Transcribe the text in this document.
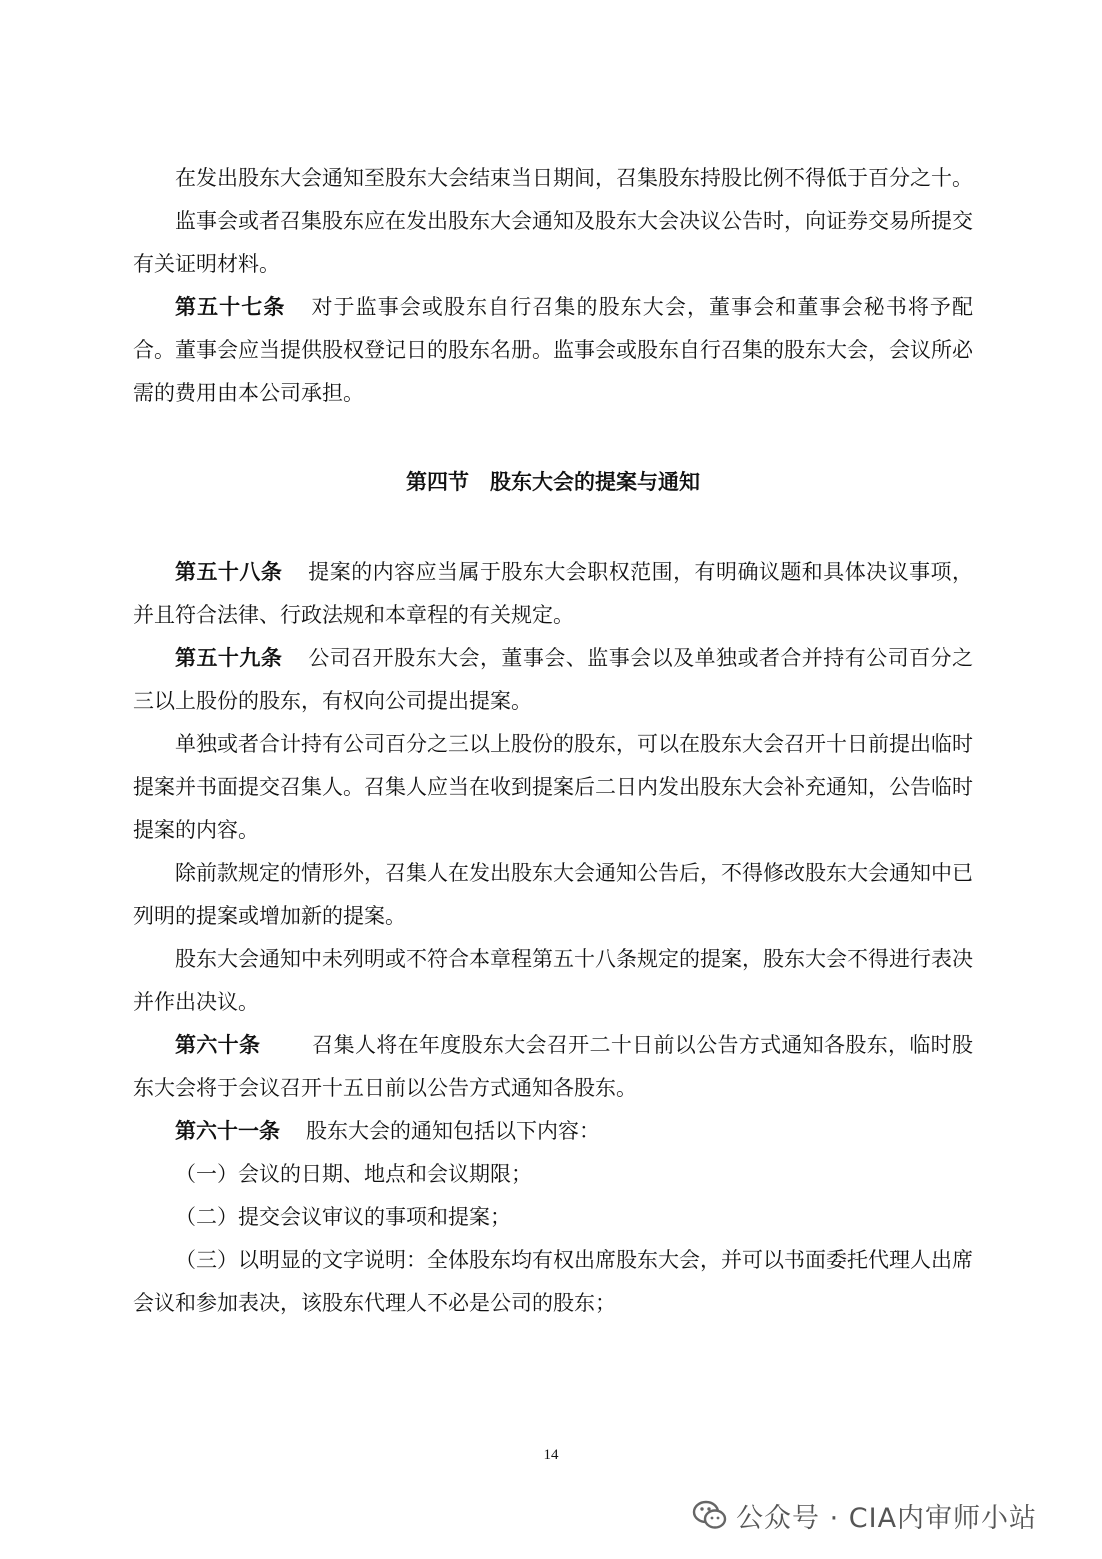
在发出股东大会通知至股东大会结束当日期间，召集股东持股比例不得低于百分之十。

监事会或者召集股东应在发出股东大会通知及股东大会决议公告时，向证券交易所提交有关证明材料。

第五十七条 对于监事会或股东自行召集的股东大会，董事会和董事会秘书将予配合。董事会应当提供股权登记日的股东名册。监事会或股东自行召集的股东大会，会议所必需的费用由本公司承担。

第四节　股东大会的提案与通知

第五十八条 提案的内容应当属于股东大会职权范围，有明确议题和具体决议事项，并且符合法律、行政法规和本章程的有关规定。

第五十九条 公司召开股东大会，董事会、监事会以及单独或者合并持有公司百分之三以上股份的股东，有权向公司提出提案。

单独或者合计持有公司百分之三以上股份的股东，可以在股东大会召开十日前提出临时提案并书面提交召集人。召集人应当在收到提案后二日内发出股东大会补充通知，公告临时提案的内容。

除前款规定的情形外，召集人在发出股东大会通知公告后，不得修改股东大会通知中已列明的提案或增加新的提案。

股东大会通知中未列明或不符合本章程第五十八条规定的提案，股东大会不得进行表决并作出决议。

第六十条 召集人将在年度股东大会召开二十日前以公告方式通知各股东，临时股东大会将于会议召开十五日前以公告方式通知各股东。

第六十一条 股东大会的通知包括以下内容：

（一）会议的日期、地点和会议期限；

（二）提交会议审议的事项和提案；

（三）以明显的文字说明：全体股东均有权出席股东大会，并可以书面委托代理人出席会议和参加表决，该股东代理人不必是公司的股东；

14
公众号 · CIA内审师小站
